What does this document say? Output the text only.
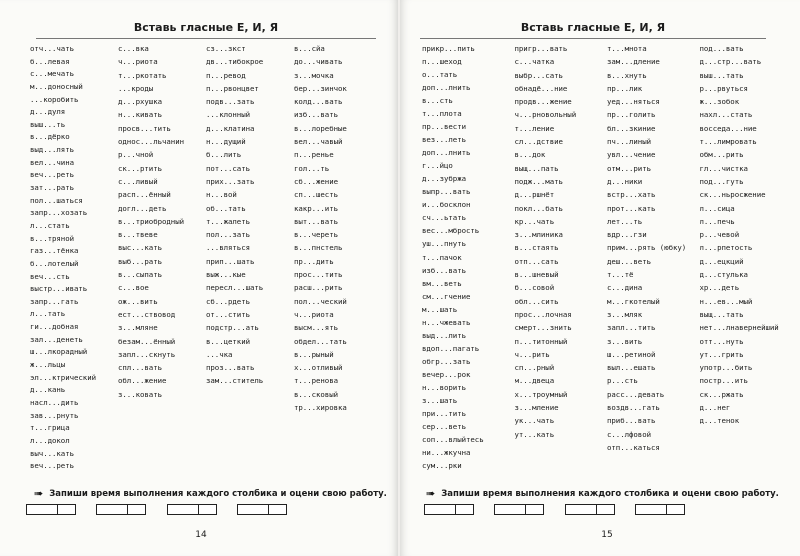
Вставь гласные Е, И, Я
отч...чать
б...левая
с...мечать
м...доносный
...коробить
д...дуля
выш...ть
в...дёрко
выд...лять
вел...чина
веч...реть
зат...рать
пол...шаться
запр...хозать
л...стать
в...тряной
газ...тёнка
б...лотелый
веч...сть
выстр...ивать
запр...гать
л...тать
ги...добная
зал...денеть
ш...лкорадный
ж...льцы
эл...ктрический
д...кань
насл...дить
зав...рнуть
т...грица
л...докол
выч...кать
веч...реть
с...вка
ч...риота
т...ркотать
...кроды
д...рхушка
н...кивать
просв...тить
однос...льчанин
р...чной
ск...ртить
с...ливый
расп...ённый
догл...деть
в...триобродный
в...твеве
выс...кать
выб...рать
в...сыпать
с...вое
ож...вить
ест...ствовод
з...мляне
безам...ённый
запл...скнуть
спл...вать
обл...жение
з...ковать
сз...зкст
дв...тибокрое
п...ревод
п...рвонцвет
подв...зать
...клонный
д...клатина
н...дущий
б...лить
пот...сать
прих...зать
н...вой
об...тать
т...жалеть
пол...зать
...вляться
прип...шать
выж...кые
пересл...шать
сб...рдеть
от...стить
подстр...ать
в...цеткий
...чка
проз...вать
зам...ститель
в...сйа
до...чивать
з...мочка
бер...зинчок
колд...вать
изб...вать
в...лоребные
вел...чавый
п...ренье
гол...ть
сб...жение
сп...шесть
какр...ить
выт...вать
в...череть
в...пнстель
пр...дить
прос...тить
расш...рить
пол...ческий
ч...риота
высм...ять
обдел...тать
в...рыный
х...отливый
т...ренова
в...сковый
тр...хировка
➠ Запиши время выполнения каждого столбика и оцени свою работу.
14
Вставь гласные Е, И, Я
прикр...пить
п...шеход
о...тать
доп...лнить
в...сть
т...плота
пр...вести
вез...леть
доп...лнить
г...йцо
д...зубржа
выпр...вать
и...босклон
сч...ьтать
вес...мбрость
уш...пнуть
т...пачок
изб...вать
вм...веть
см...гчение
м...шать
н...чжевать
выд...лить
вдоп...пагать
обгр...зать
вечер...рок
н...ворить
з...шать
при...тить
сер...веть
соп...влыйтесь
ни...жкучна
сум...рки
пригр...вать
с...чатка
выбр...сать
обнадё...ние
продв...жение
ч...рновольный
т...ление
сл...дствие
в...док
выщ...пать
подж...мать
д...ршнёт
покл...бать
кр...чать
з...млиника
в...стаять
отп...сать
в...шневый
б...совой
обл...сить
прос...лочная
смерт...знить
п...титонный
ч...рить
сп...рный
м...двеца
х...троумный
з...мление
ук...чать
ут...кать
т...мнота
зам...дление
в...хнуть
пр...лик
уед...няться
пр...голить
бл...зкиние
пч...линый
увл...чение
отм...рить
д...ники
встр...хать
прот...кать
лет...ть
вдр...гзи
прим...рять (юбку)
деш...веть
т...тё
с...дина
м...гкотелый
з...мляк
запл...тить
з...вить
ш...ретиной
выл...ешать
р...сть
расс...девать
воздв...гать
приб...вать
с...лфовой
отп...каться
под...вать
д...стр...вать
выш...тать
р...рвуться
ж...зобок
нахл...стать
восседа...ние
т...лимровать
обм...рить
гл...чистка
под...гуть
ск...ньросжение
л...сица
л...печь
р...чевой
л...рпетость
д...ецкций
д...стулька
хр...деть
н...ев...мый
выщ...тать
нет...лнавернейший
отт...нуть
ут...грить
употр...бить
постр...ить
ск...ржать
д...нег
д...тенок
➠ Запиши время выполнения каждого столбика и оцени свою работу.
15
